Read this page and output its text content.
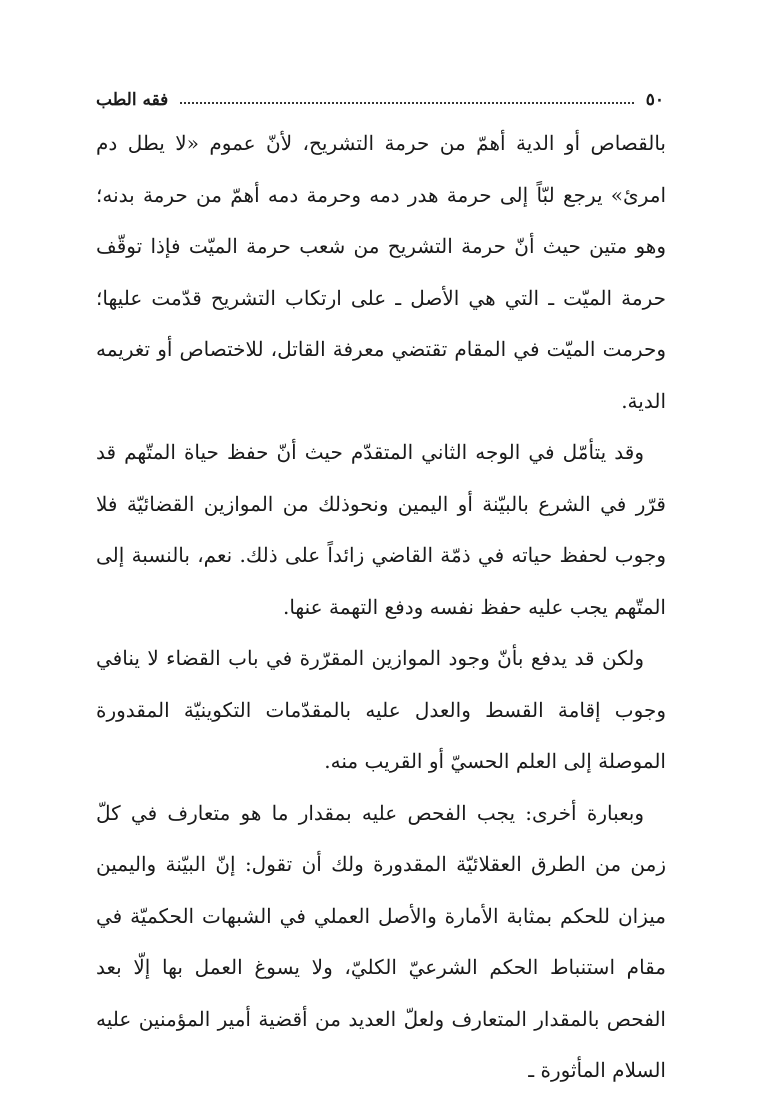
٥٠
فقه الطب

بالقصاص أو الدية أهمّ من حرمة التشريح، لأنّ عموم «لا يطل دم امرئ» يرجع لبّاً إلى حرمة هدر دمه وحرمة دمه أهمّ من حرمة بدنه؛ وهو متين حيث أنّ حرمة التشريح من شعب حرمة الميّت فإذا توقّف حرمة الميّت ـ التي هي الأصل ـ على ارتكاب التشريح قدّمت عليها؛ وحرمت الميّت في المقام تقتضي معرفة القاتل، للاختصاص أو تغريمه الدية.

وقد يتأمّل في الوجه الثاني المتقدّم حيث أنّ حفظ حياة المتّهم قد قرّر في الشرع بالبيّنة أو اليمين ونحوذلك من الموازين القضائيّة فلا وجوب لحفظ حياته في ذمّة القاضي زائداً على ذلك. نعم، بالنسبة إلى المتّهم يجب عليه حفظ نفسه ودفع التهمة عنها.

ولكن قد يدفع بأنّ وجود الموازين المقرّرة في باب القضاء لا ينافي وجوب إقامة القسط والعدل عليه بالمقدّمات التكوينيّة المقدورة الموصلة إلى العلم الحسيّ أو القريب منه.

وبعبارة أخرى: يجب الفحص عليه بمقدار ما هو متعارف في كلّ زمن من الطرق العقلائيّة المقدورة ولك أن تقول: إنّ البيّنة واليمين ميزان للحكم بمثابة الأمارة والأصل العملي في الشبهات الحكميّة في مقام استنباط الحكم الشرعيّ الكليّ، ولا يسوغ العمل بها إلّا بعد الفحص بالمقدار المتعارف ولعلّ العديد من أقضية أمير المؤمنين عليه السلام المأثورة ـ
